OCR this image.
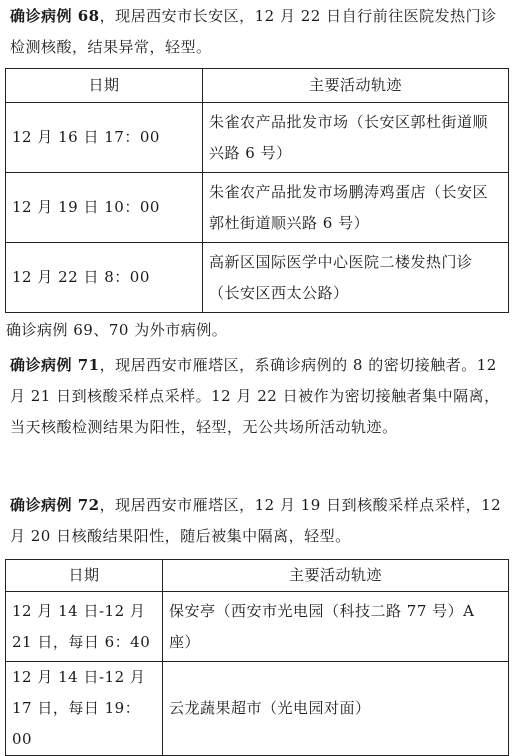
确诊病例 68，现居西安市长安区，12 月 22 日自行前往医院发热门诊检测核酸，结果异常，轻型。
日期	主要活动轨迹
12 月 16 日 17：00	朱雀农产品批发市场（长安区郭杜街道顺兴路 6 号）
12 月 19 日 10：00	朱雀农产品批发市场鹏涛鸡蛋店（长安区郭杜街道顺兴路 6 号）
12 月 22 日 8：00	高新区国际医学中心医院二楼发热门诊（长安区西太公路）
确诊病例 69、70 为外市病例。
确诊病例 71，现居西安市雁塔区，系确诊病例的 8 的密切接触者。12 月 21 日到核酸采样点采样。12 月 22 日被作为密切接触者集中隔离，当天核酸检测结果为阳性，轻型，无公共场所活动轨迹。
确诊病例 72，现居西安市雁塔区，12 月 19 日到核酸采样点采样，12 月 20 日核酸结果阳性，随后被集中隔离，轻型。
日期	主要活动轨迹
12 月 14 日-12 月 21 日，每日 6：40	保安亭（西安市光电园（科技二路 77 号）A 座）
12 月 14 日-12 月 17 日，每日 19：00	云龙蔬果超市（光电园对面）
